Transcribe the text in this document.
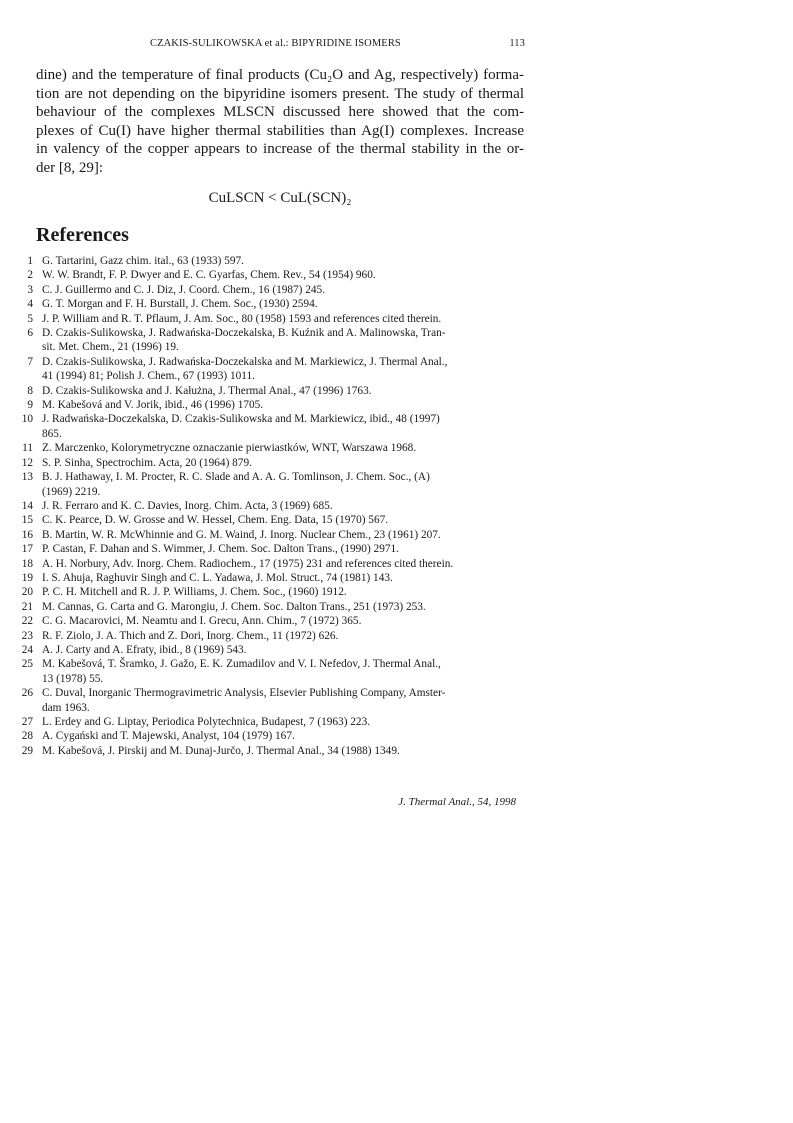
CZAKIS-SULIKOWSKA et al.: BIPYRIDINE ISOMERS	113
dine) and the temperature of final products (Cu₂O and Ag, respectively) forma-
tion are not depending on the bipyridine isomers present. The study of thermal
behaviour of the complexes MLSCN discussed here showed that the com-
plexes of Cu(I) have higher thermal stabilities than Ag(I) complexes. Increase
in valency of the copper appears to increase of the thermal stability in the or-
der [8, 29]:
CuLSCN < CuL(SCN)₂
References
1 G. Tartarini, Gazz chim. ital., 63 (1933) 597.
2 W. W. Brandt, F. P. Dwyer and E. C. Gyarfas, Chem. Rev., 54 (1954) 960.
3 C. J. Guillermo and C. J. Diz, J. Coord. Chem., 16 (1987) 245.
4 G. T. Morgan and F. H. Burstall, J. Chem. Soc., (1930) 2594.
5 J. P. William and R. T. Pflaum, J. Am. Soc., 80 (1958) 1593 and references cited therein.
6 D. Czakis-Sulikowska, J. Radwańska-Doczekalska, B. Kuźnik and A. Malinowska, Tran-
sit. Met. Chem., 21 (1996) 19.
7 D. Czakis-Sulikowska, J. Radwańska-Doczekalska and M. Markiewicz, J. Thermal Anal.,
41 (1994) 81; Polish J. Chem., 67 (1993) 1011.
8 D. Czakis-Sulikowska and J. Kałużna, J. Thermal Anal., 47 (1996) 1763.
9 M. Kabešová and V. Jorik, ibid., 46 (1996) 1705.
10 J. Radwańska-Doczekalska, D. Czakis-Sulikowska and M. Markiewicz, ibid., 48 (1997)
865.
11 Z. Marczenko, Kolorymetryczne oznaczanie pierwiastków, WNT, Warszawa 1968.
12 S. P. Sinha, Spectrochim. Acta, 20 (1964) 879.
13 B. J. Hathaway, I. M. Procter, R. C. Slade and A. A. G. Tomlinson, J. Chem. Soc., (A)
(1969) 2219.
14 J. R. Ferraro and K. C. Davies, Inorg. Chim. Acta, 3 (1969) 685.
15 C. K. Pearce, D. W. Grosse and W. Hessel, Chem. Eng. Data, 15 (1970) 567.
16 B. Martin, W. R. McWhinnie and G. M. Waind, J. Inorg. Nuclear Chem., 23 (1961) 207.
17 P. Castan, F. Dahan and S. Wimmer, J. Chem. Soc. Dalton Trans., (1990) 2971.
18 A. H. Norbury, Adv. Inorg. Chem. Radiochem., 17 (1975) 231 and references cited therein.
19 I. S. Ahuja, Raghuvir Singh and C. L. Yadawa, J. Mol. Struct., 74 (1981) 143.
20 P. C. H. Mitchell and R. J. P. Williams, J. Chem. Soc., (1960) 1912.
21 M. Cannas, G. Carta and G. Marongiu, J. Chem. Soc. Dalton Trans., 251 (1973) 253.
22 C. G. Macarovici, M. Neamtu and I. Grecu, Ann. Chim., 7 (1972) 365.
23 R. F. Ziolo, J. A. Thich and Z. Dori, Inorg. Chem., 11 (1972) 626.
24 A. J. Carty and A. Efraty, ibid., 8 (1969) 543.
25 M. Kabešová, T. Šramko, J. Gažo, E. K. Zumadilov and V. I. Nefedov, J. Thermal Anal.,
13 (1978) 55.
26 C. Duval, Inorganic Thermogravimetric Analysis, Elsevier Publishing Company, Amster-
dam 1963.
27 L. Erdey and G. Liptay, Periodica Polytechnica, Budapest, 7 (1963) 223.
28 A. Cygański and T. Majewski, Analyst, 104 (1979) 167.
29 M. Kabešová, J. Pirskij and M. Dunaj-Jurčo, J. Thermal Anal., 34 (1988) 1349.
J. Thermal Anal., 54, 1998
